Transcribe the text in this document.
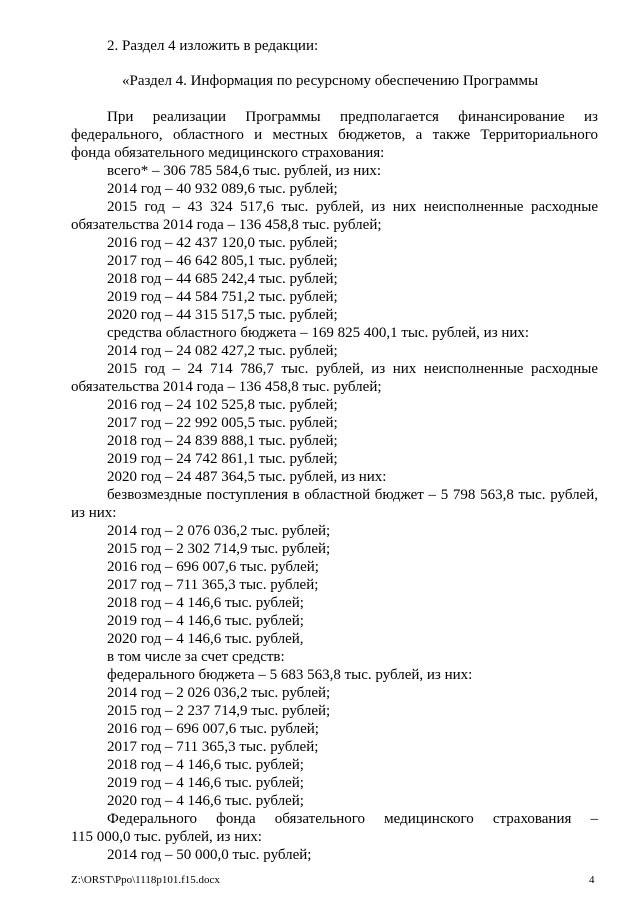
2. Раздел 4 изложить в редакции:
«Раздел 4. Информация по ресурсному обеспечению Программы
При реализации Программы предполагается финансирование из
федерального, областного и местных бюджетов, а также Территориального
фонда обязательного медицинского страхования:
всего* – 306 785 584,6 тыс. рублей, из них:
2014 год – 40 932 089,6 тыс. рублей;
2015 год – 43 324 517,6 тыс. рублей, из них неисполненные расходные
обязательства 2014 года – 136 458,8 тыс. рублей;
2016 год – 42 437 120,0 тыс. рублей;
2017 год – 46 642 805,1 тыс. рублей;
2018 год – 44 685 242,4 тыс. рублей;
2019 год – 44 584 751,2 тыс. рублей;
2020 год – 44 315 517,5 тыс. рублей;
средства областного бюджета – 169 825 400,1 тыс. рублей, из них:
2014 год – 24 082 427,2 тыс. рублей;
2015 год – 24 714 786,7 тыс. рублей, из них неисполненные расходные
обязательства 2014 года – 136 458,8 тыс. рублей;
2016 год – 24 102 525,8 тыс. рублей;
2017 год – 22 992 005,5 тыс. рублей;
2018 год – 24 839 888,1 тыс. рублей;
2019 год – 24 742 861,1 тыс. рублей;
2020 год – 24 487 364,5 тыс. рублей, из них:
безвозмездные поступления в областной бюджет – 5 798 563,8 тыс. рублей,
из них:
2014 год – 2 076 036,2 тыс. рублей;
2015 год – 2 302 714,9 тыс. рублей;
2016 год – 696 007,6 тыс. рублей;
2017 год – 711 365,3 тыс. рублей;
2018 год – 4 146,6 тыс. рублей;
2019 год – 4 146,6 тыс. рублей;
2020 год – 4 146,6 тыс. рублей,
в том числе за счет средств:
федерального бюджета – 5 683 563,8 тыс. рублей, из них:
2014 год – 2 026 036,2 тыс. рублей;
2015 год – 2 237 714,9 тыс. рублей;
2016 год – 696 007,6 тыс. рублей;
2017 год – 711 365,3 тыс. рублей;
2018 год – 4 146,6 тыс. рублей;
2019 год – 4 146,6 тыс. рублей;
2020 год – 4 146,6 тыс. рублей;
Федерального фонда обязательного медицинского страхования –
115 000,0 тыс. рублей, из них:
2014 год – 50 000,0 тыс. рублей;
Z:\ORST\Ppo\1118p101.f15.docx	4
